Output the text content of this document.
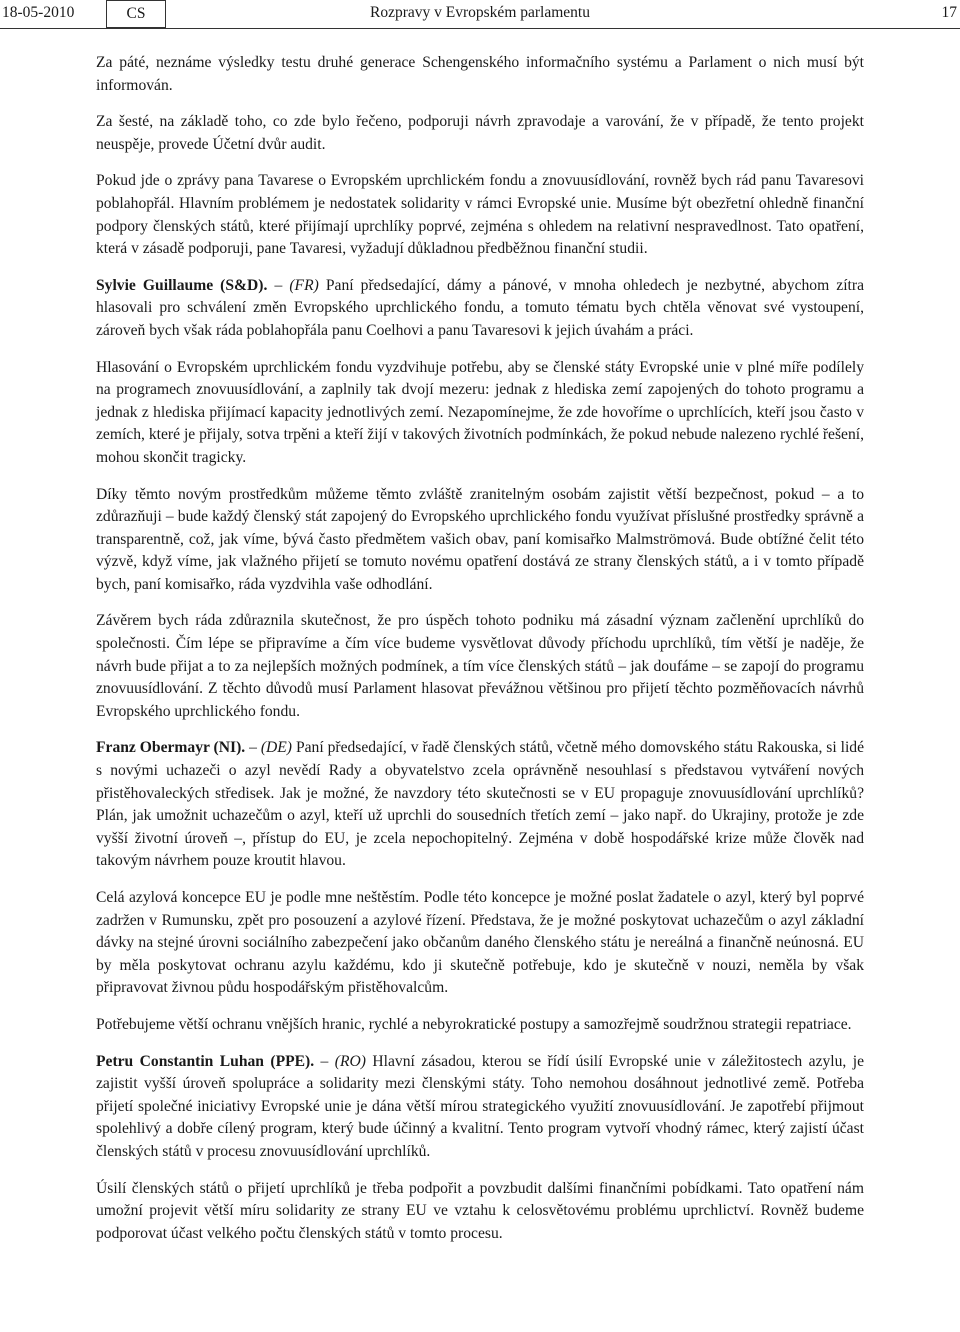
18-05-2010	CS	Rozpravy v Evropském parlamentu	17

Za páté, neznáme výsledky testu druhé generace Schengenského informačního systému a Parlament o nich musí být informován.

Za šesté, na základě toho, co zde bylo řečeno, podporuji návrh zpravodaje a varování, že v případě, že tento projekt neuspěje, provede Účetní dvůr audit.

Pokud jde o zprávy pana Tavarese o Evropském uprchlickém fondu a znovuusídlování, rovněž bych rád panu Tavaresovi poblahopřál. Hlavním problémem je nedostatek solidarity v rámci Evropské unie. Musíme být obezřetní ohledně finanční podpory členských států, které přijímají uprchlíky poprvé, zejména s ohledem na relativní nespravedlnost. Tato opatření, která v zásadě podporuji, pane Tavaresi, vyžadují důkladnou předběžnou finanční studii.

Sylvie Guillaume (S&D). – (FR) Paní předsedající, dámy a pánové, v mnoha ohledech je nezbytné, abychom zítra hlasovali pro schválení změn Evropského uprchlického fondu, a tomuto tématu bych chtěla věnovat své vystoupení, zároveň bych však ráda poblahopřála panu Coelhovi a panu Tavaresovi k jejich úvahám a práci.

Hlasování o Evropském uprchlickém fondu vyzdvihuje potřebu, aby se členské státy Evropské unie v plné míře podílely na programech znovuusídlování, a zaplnily tak dvojí mezeru: jednak z hlediska zemí zapojených do tohoto programu a jednak z hlediska přijímací kapacity jednotlivých zemí. Nezapomínejme, že zde hovoříme o uprchlících, kteří jsou často v zemích, které je přijaly, sotva trpěni a kteří žijí v takových životních podmínkách, že pokud nebude nalezeno rychlé řešení, mohou skončit tragicky.

Díky těmto novým prostředkům můžeme těmto zvláště zranitelným osobám zajistit větší bezpečnost, pokud – a to zdůrazňuji – bude každý členský stát zapojený do Evropského uprchlického fondu využívat příslušné prostředky správně a transparentně, což, jak víme, bývá často předmětem vašich obav, paní komisařko Malmströmová. Bude obtížné čelit této výzvě, když víme, jak vlažného přijetí se tomuto novému opatření dostává ze strany členských států, a i v tomto případě bych, paní komisařko, ráda vyzdvihla vaše odhodlání.

Závěrem bych ráda zdůraznila skutečnost, že pro úspěch tohoto podniku má zásadní význam začlenění uprchlíků do společnosti. Čím lépe se připravíme a čím více budeme vysvětlovat důvody příchodu uprchlíků, tím větší je naděje, že návrh bude přijat a to za nejlepších možných podmínek, a tím více členských států – jak doufáme – se zapojí do programu znovuusídlování. Z těchto důvodů musí Parlament hlasovat převážnou většinou pro přijetí těchto pozměňovacích návrhů Evropského uprchlického fondu.

Franz Obermayr (NI). – (DE) Paní předsedající, v řadě členských států, včetně mého domovského státu Rakouska, si lidé s novými uchazeči o azyl nevědí Rady a obyvatelstvo zcela oprávněně nesouhlasí s představou vytváření nových přistěhovaleckých středisek. Jak je možné, že navzdory této skutečnosti se v EU propaguje znovuusídlování uprchlíků? Plán, jak umožnit uchazečům o azyl, kteří už uprchli do sousedních třetích zemí – jako např. do Ukrajiny, protože je zde vyšší životní úroveň –, přístup do EU, je zcela nepochopitelný. Zejména v době hospodářské krize může člověk nad takovým návrhem pouze kroutit hlavou.

Celá azylová koncepce EU je podle mne neštěstím. Podle této koncepce je možné poslat žadatele o azyl, který byl poprvé zadržen v Rumunsku, zpět pro posouzení a azylové řízení. Představa, že je možné poskytovat uchazečům o azyl základní dávky na stejné úrovni sociálního zabezpečení jako občanům daného členského státu je nereálná a finančně neúnosná. EU by měla poskytovat ochranu azylu každému, kdo ji skutečně potřebuje, kdo je skutečně v nouzi, neměla by však připravovat živnou půdu hospodářským přistěhovalcům.

Potřebujeme větší ochranu vnějších hranic, rychlé a nebyrokratické postupy a samozřejmě soudržnou strategii repatriace.

Petru Constantin Luhan (PPE). – (RO) Hlavní zásadou, kterou se řídí úsilí Evropské unie v záležitostech azylu, je zajistit vyšší úroveň spolupráce a solidarity mezi členskými státy. Toho nemohou dosáhnout jednotlivé země. Potřeba přijetí společné iniciativy Evropské unie je dána větší mírou strategického využití znovuusídlování. Je zapotřebí přijmout spolehlivý a dobře cílený program, který bude účinný a kvalitní. Tento program vytvoří vhodný rámec, který zajistí účast členských států v procesu znovuusídlování uprchlíků.

Úsilí členských států o přijetí uprchlíků je třeba podpořit a povzbudit dalšími finančními pobídkami. Tato opatření nám umožní projevit větší míru solidarity ze strany EU ve vztahu k celosvětovému problému uprchlictví. Rovněž budeme podporovat účast velkého počtu členských států v tomto procesu.
